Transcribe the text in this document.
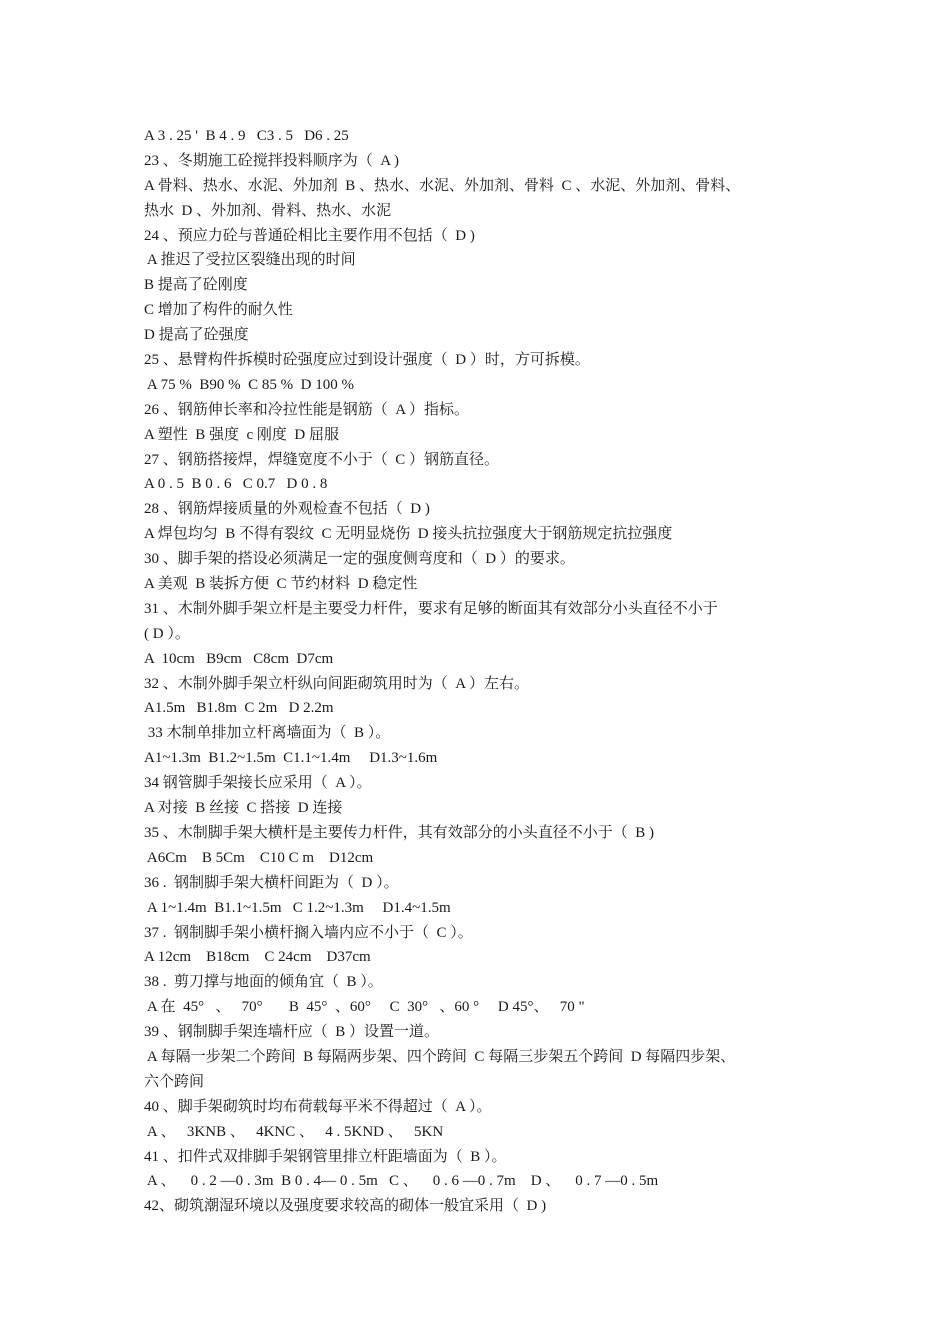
A 3 . 25 '  B 4 . 9   C3 . 5   D6 . 25
23 、冬期施工砼搅拌投料顺序为（  A )
A 骨料、热水、水泥、外加剂  B 、热水、水泥、外加剂、骨料  C 、水泥、外加剂、骨料、
热水  D 、外加剂、骨料、热水、水泥
24 、预应力砼与普通砼相比主要作用不包括（  D )
A 推迟了受拉区裂缝出现的时间
B 提高了砼刚度
C 增加了构件的耐久性
D 提高了砼强度
25 、悬臂构件拆模时砼强度应过到设计强度（  D ）时，方可拆模。
A 75 %  B90 %  C 85 %  D 100 %
26 、钢筋伸长率和冷拉性能是钢筋（  A ）指标。
A 塑性  B 强度  c 刚度  D 屈服
27 、钢筋搭接焊，焊缝宽度不小于（  C ）钢筋直径。
A 0 . 5  B 0 . 6   C 0.7   D 0 . 8
28 、钢筋焊接质量的外观检查不包括（  D )
A 焊包均匀  B 不得有裂纹  C 无明显烧伤  D 接头抗拉强度大于钢筋规定抗拉强度
30 、脚手架的搭设必须满足一定的强度侧弯度和（  D ）的要求。
A 美观  B 装拆方便  C 节约材料  D 稳定性
31 、木制外脚手架立杆是主要受力杆件，要求有足够的断面其有效部分小头直径不小于
( D ）。
A  10cm   B9cm   C8cm  D7cm
32 、木制外脚手架立杆纵向间距砌筑用时为（  A ）左右。
A1.5m   B1.8m  C 2m   D 2.2m
33 木制单排加立杆离墙面为（  B ）。
A1~1.3m  B1.2~1.5m  C1.1~1.4m     D1.3~1.6m
34 钢管脚手架接长应采用（  A ）。
A 对接  B 丝接  C 搭接  D 连接
35 、木制脚手架大横杆是主要传力杆件，其有效部分的小头直径不小于（  B )
A6Cm    B 5Cm    C10 C m    D12cm
36 .  钢制脚手架大横杆间距为（  D ）。
A 1~1.4m  B1.1~1.5m   C 1.2~1.3m     D1.4~1.5m
37 .  钢制脚手架小横杆搁入墙内应不小于（  C ）。
A 12cm    B18cm    C 24cm    D37cm
38 .  剪刀撑与地面的倾角宜（  B ）。
A 在  45°   、   70°       B  45°  、60°     C  30°   、60 °     D 45°、   70 "
39 、钢制脚手架连墙杆应（  B ）设置一道。
A 每隔一步架二个跨间  B 每隔两步架、四个跨间  C 每隔三步架五个跨间  D 每隔四步架、
六个跨间
40 、脚手架砌筑时均布荷载每平米不得超过（  A ）。
A 、   3KNB 、   4KNC 、   4 . 5KND 、   5KN
41 、扣件式双排脚手架钢管里排立杆距墙面为（  B ）。
A 、    0 . 2 —0 . 3m  B 0 . 4— 0 . 5m   C 、    0 . 6 —0 . 7m    D 、    0 . 7 —0 . 5m
42、砌筑潮湿环境以及强度要求较高的砌体一般宜采用（  D )
